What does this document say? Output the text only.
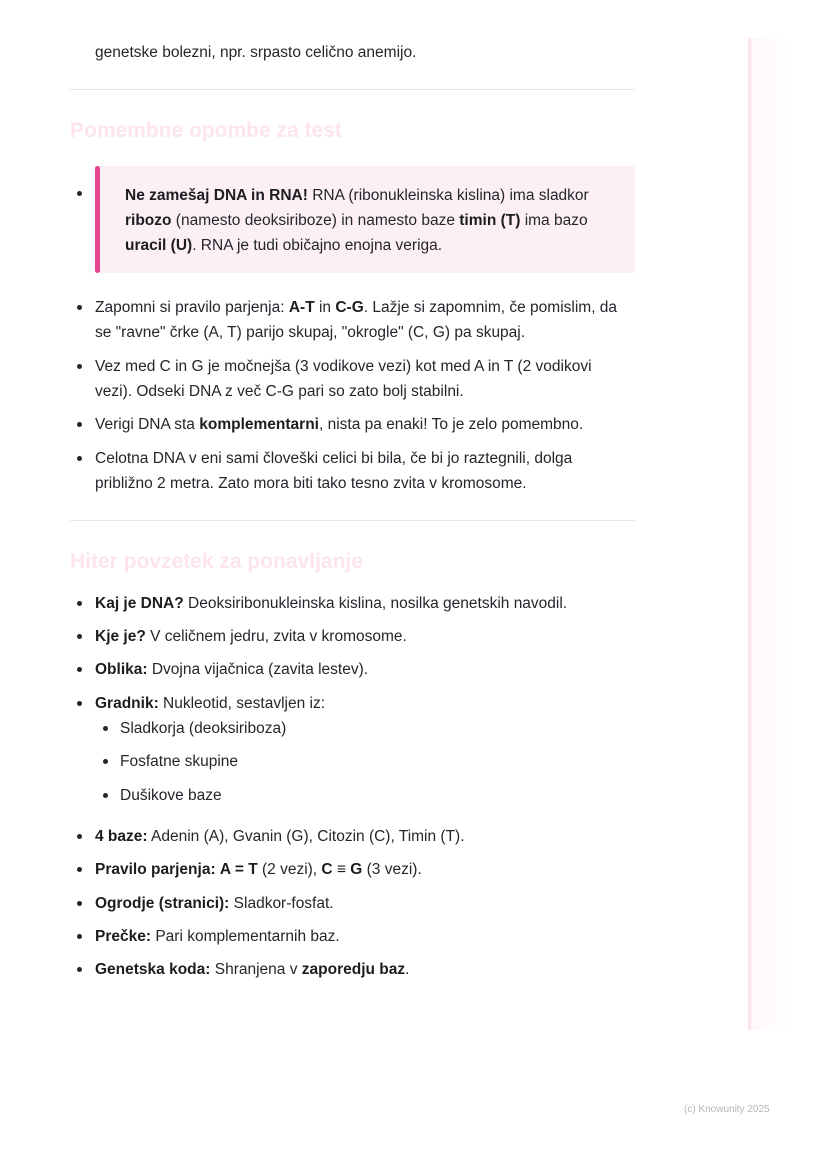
genetske bolezni, npr. srpasto celično anemijo.

Pomembne opombe za test

Ne zamešaj DNA in RNA! RNA (ribonukleinska kislina) ima sladkor ribozo (namesto deoksiriboze) in namesto baze timin (T) ima bazo uracil (U). RNA je tudi običajno enojna veriga.

Zapomni si pravilo parjenja: A-T in C-G. Lažje si zapomnim, če pomislim, da se "ravne" črke (A, T) parijo skupaj, "okrogle" (C, G) pa skupaj.
Vez med C in G je močnejša (3 vodikove vezi) kot med A in T (2 vodikovi vezi). Odseki DNA z več C-G pari so zato bolj stabilni.
Verigi DNA sta komplementarni, nista pa enaki! To je zelo pomembno.
Celotna DNA v eni sami človeški celici bi bila, če bi jo raztegnili, dolga približno 2 metra. Zato mora biti tako tesno zvita v kromosome.
Hiter povzetek za ponavljanje
Kaj je DNA? Deoksiribonukleinska kislina, nosilka genetskih navodil.
Kje je? V celičnem jedru, zvita v kromosome.
Oblika: Dvojna vijačnica (zavita lestev).
Gradnik: Nukleotid, sestavljen iz:
Sladkorja (deoksiriboza)
Fosfatne skupine
Dušikove baze
4 baze: Adenin (A), Gvanin (G), Citozin (C), Timin (T).
Pravilo parjenja: A = T (2 vezi), C ≡ G (3 vezi).
Ogrodje (stranici): Sladkor-fosfat.
Prečke: Pari komplementarnih baz.
Genetska koda: Shranjena v zaporedju baz.
(c) Knowunity 2025
